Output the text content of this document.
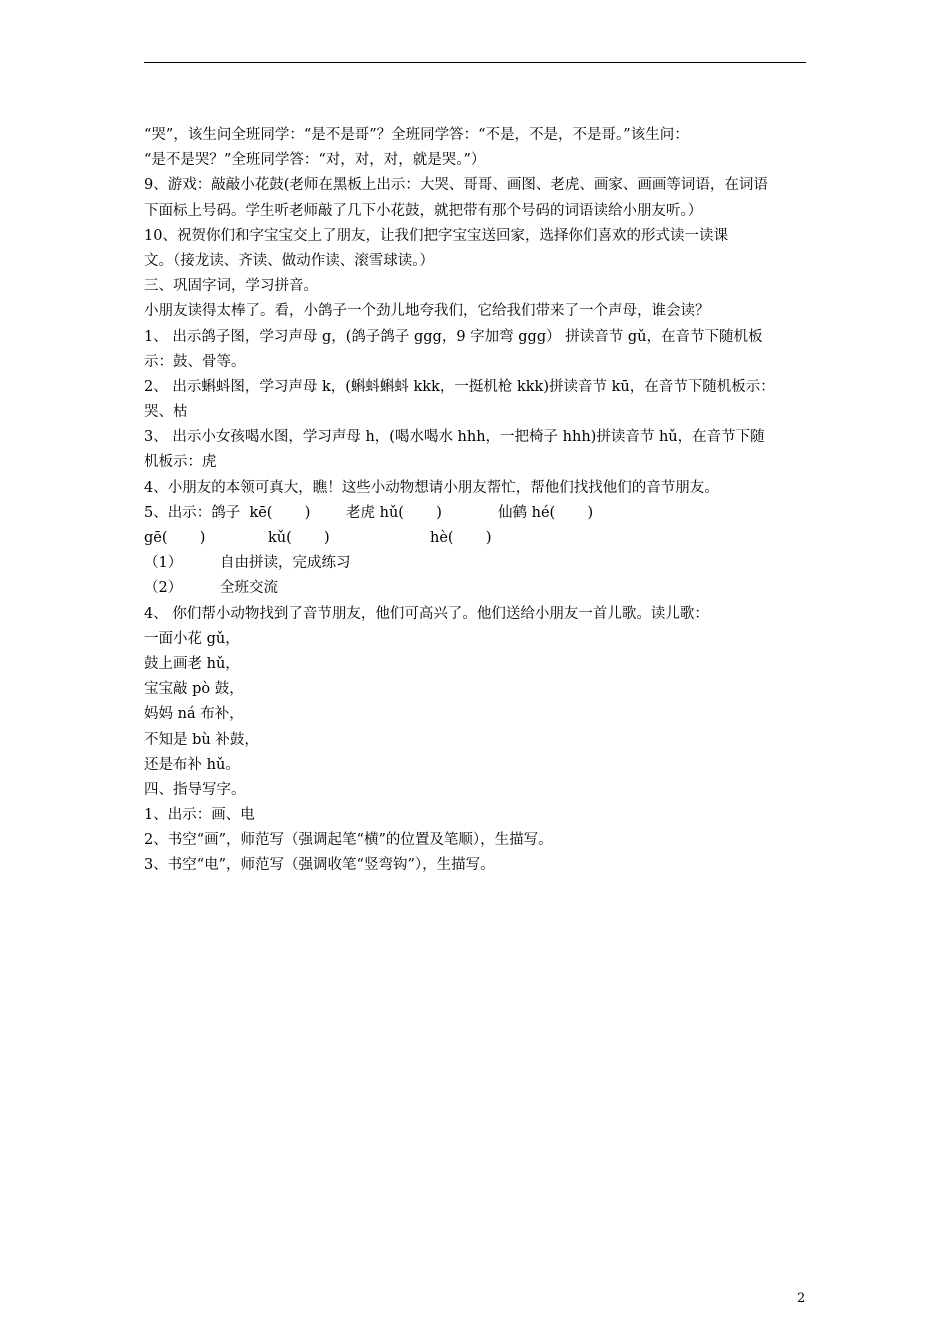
“哭”，该生问全班同学：“是不是哥”？全班同学答：“不是，不是，不是哥。”该生问：
“是不是哭？”全班同学答：“对，对，对，就是哭。”）
9、游戏：敲敲小花鼓(老师在黑板上出示：大哭、哥哥、画图、老虎、画家、画画等词语，在词语
下面标上号码。学生听老师敲了几下小花鼓，就把带有那个号码的词语读给小朋友听。）
10、祝贺你们和字宝宝交上了朋友，让我们把字宝宝送回家，选择你们喜欢的形式读一读课
文。（接龙读、齐读、做动作读、滚雪球读。）
三、巩固字词，学习拼音。
小朋友读得太棒了。看，小鸽子一个劲儿地夸我们，它给我们带来了一个声母，谁会读？
1、 出示鸽子图，学习声母 g，(鸽子鸽子 ggg，9 字加弯 ggg） 拼读音节 gǔ，在音节下随机板
示：鼓、骨等。
2、 出示蝌蚪图，学习声母 k，(蝌蚪蝌蚪 kkk，一挺机枪 kkk)拼读音节 kū，在音节下随机板示：
哭、枯
3、 出示小女孩喝水图，学习声母 h，(喝水喝水 hhh，一把椅子 hhh)拼读音节 hǔ，在音节下随
机板示：虎
4、小朋友的本领可真大，瞧！这些小动物想请小朋友帮忙，帮他们找找他们的音节朋友。
5、出示：鸽子  kē(       )	老虎 hǔ(       )	仙鹤 hé(       )
gē(       )	kǔ(       )	hè(       )
（1）	自由拼读，完成练习
（2）	全班交流
4、 你们帮小动物找到了音节朋友，他们可高兴了。他们送给小朋友一首儿歌。读儿歌：
一面小花 gǔ，
鼓上画老 hǔ，
宝宝敲 pò 鼓，
妈妈 ná 布补，
不知是 bù 补鼓，
还是布补 hǔ。
四、指导写字。
1、出示：画、电
2、书空“画”，师范写（强调起笔“横”的位置及笔顺），生描写。
3、书空“电”，师范写（强调收笔“竖弯钩”），生描写。
2
